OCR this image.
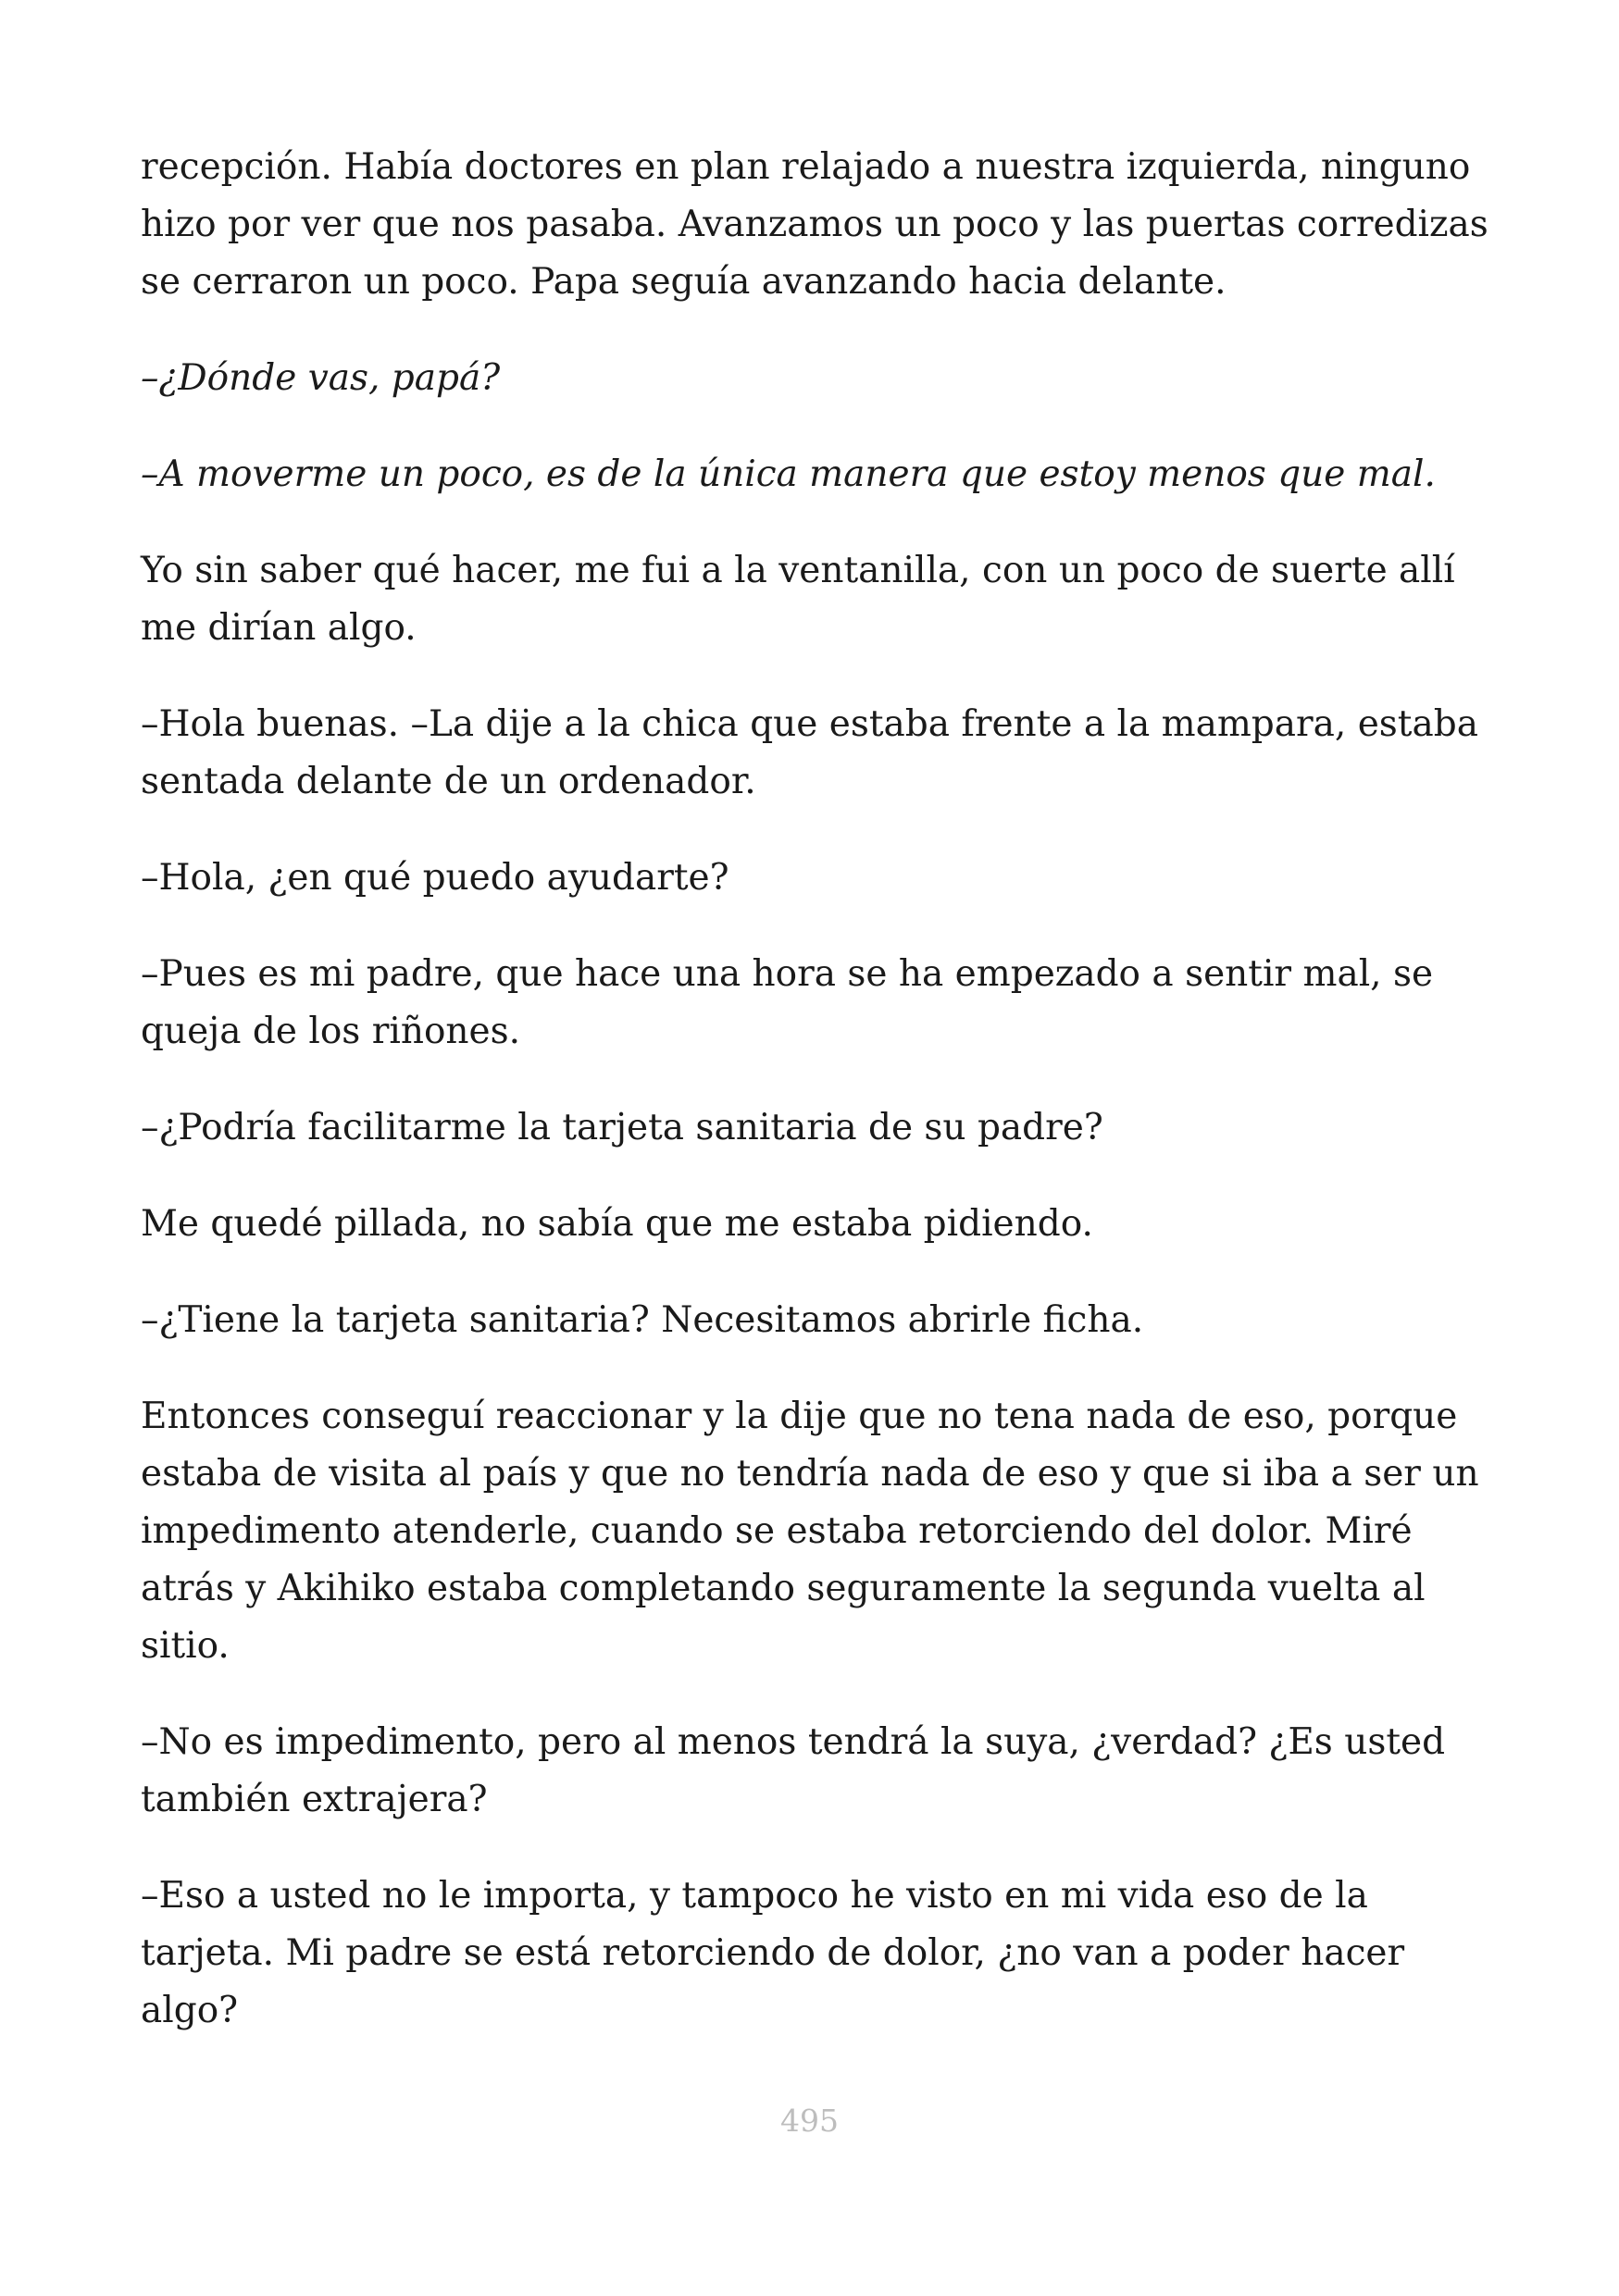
recepción. Había doctores en plan relajado a nuestra izquierda, ninguno hizo por ver que nos pasaba. Avanzamos un poco y las puertas corredizas se cerraron un poco. Papa seguía avanzando hacia delante.

–¿Dónde vas, papá?

–A moverme un poco, es de la única manera que estoy menos que mal.

Yo sin saber qué hacer, me fui a la ventanilla, con un poco de suerte allí me dirían algo.

–Hola buenas. –La dije a la chica que estaba frente a la mampara, estaba sentada delante de un ordenador.

–Hola, ¿en qué puedo ayudarte?

–Pues es mi padre, que hace una hora se ha empezado a sentir mal, se queja de los riñones.

–¿Podría facilitarme la tarjeta sanitaria de su padre?

Me quedé pillada, no sabía que me estaba pidiendo.

–¿Tiene la tarjeta sanitaria? Necesitamos abrirle ficha.

Entonces conseguí reaccionar y la dije que no tena nada de eso, porque estaba de visita al país y que no tendría nada de eso y que si iba a ser un impedimento atenderle, cuando se estaba retorciendo del dolor. Miré atrás y Akihiko estaba completando seguramente la segunda vuelta al sitio.

–No es impedimento, pero al menos tendrá la suya, ¿verdad? ¿Es usted también extrajera?

–Eso a usted no le importa, y tampoco he visto en mi vida eso de la tarjeta. Mi padre se está retorciendo de dolor, ¿no van a poder hacer algo?

495
